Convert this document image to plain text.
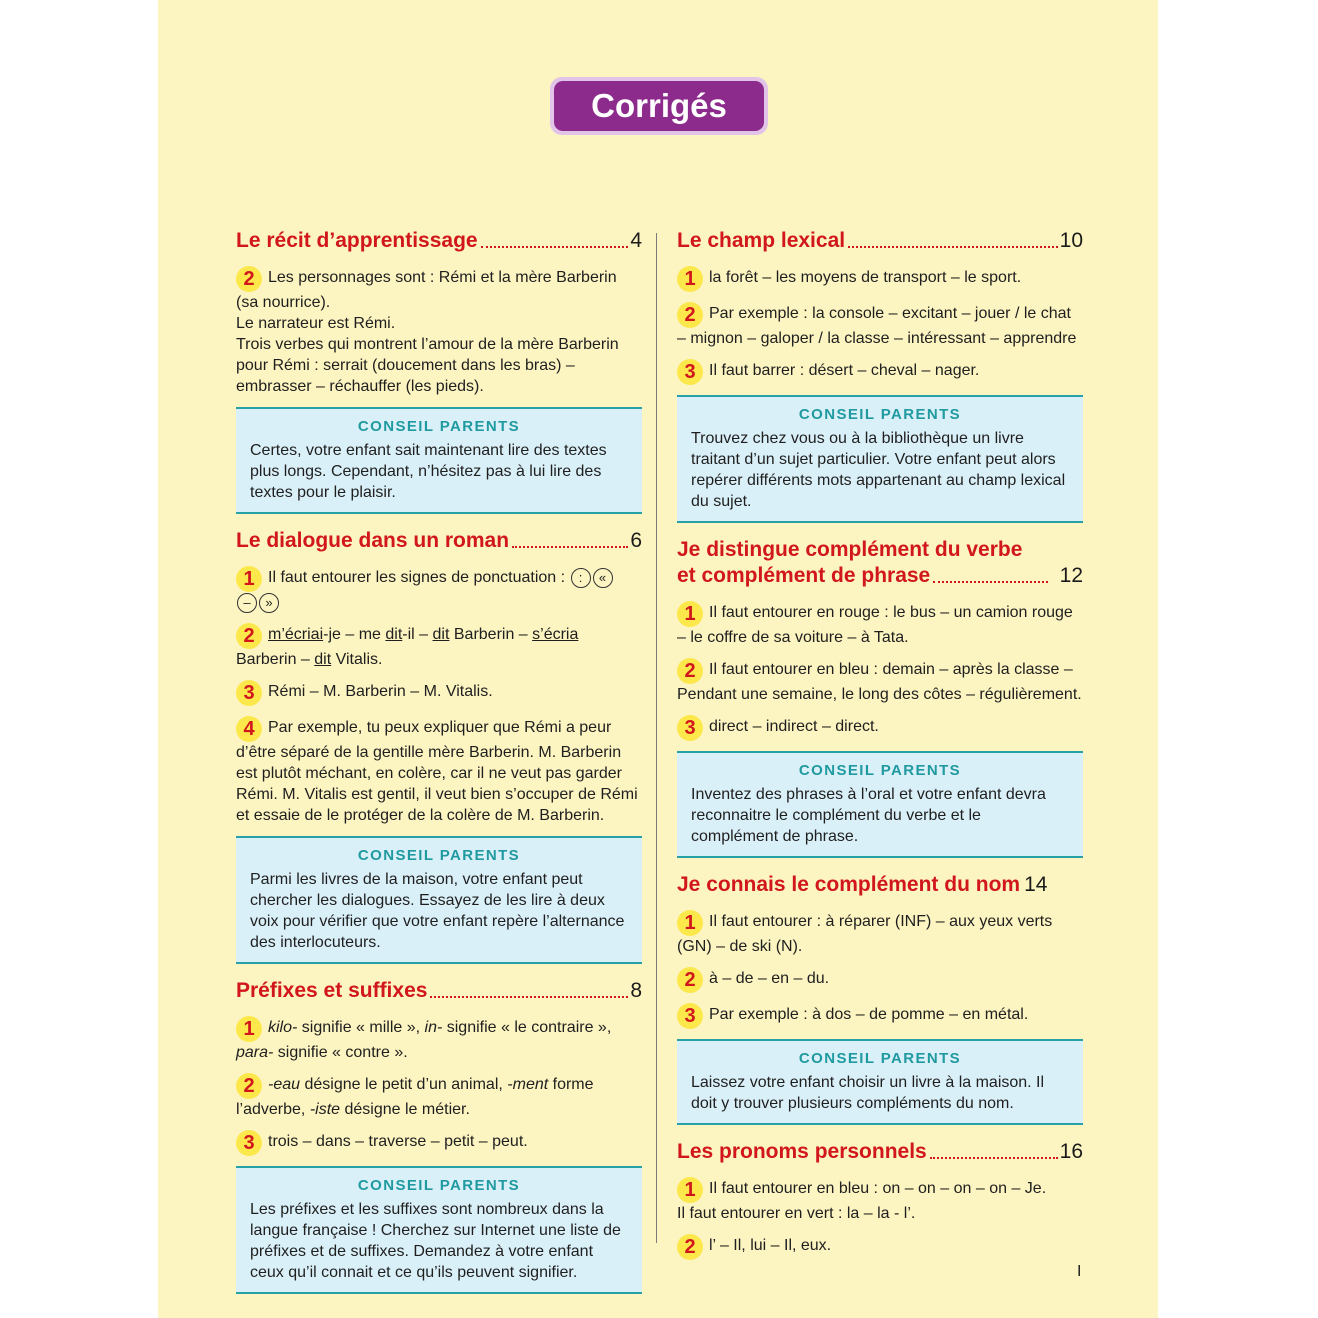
Corrigés
Le récit d’apprentissage	4
2 Les personnages sont : Rémi et la mère Barberin (sa nourrice).
Le narrateur est Rémi.
Trois verbes qui montrent l’amour de la mère Barberin pour Rémi : serrait (doucement dans les bras) – embrasser – réchauffer (les pieds).
CONSEIL PARENTS
Certes, votre enfant sait maintenant lire des textes plus longs. Cependant, n’hésitez pas à lui lire des textes pour le plaisir.
Le dialogue dans un roman	6
1 Il faut entourer les signes de ponctuation : : «
– »
2 m’écriai-je – me dit-il – dit Barberin – s’écria
Barberin – dit Vitalis.
3 Rémi – M. Barberin – M. Vitalis.
4 Par exemple, tu peux expliquer que Rémi a peur d’être séparé de la gentille mère Barberin. M. Barberin est plutôt méchant, en colère, car il ne veut pas garder Rémi. M. Vitalis est gentil, il veut bien s’occuper de Rémi et essaie de le protéger de la colère de M. Barberin.
CONSEIL PARENTS
Parmi les livres de la maison, votre enfant peut chercher les dialogues. Essayez de les lire à deux voix pour vérifier que votre enfant repère l’alternance des interlocuteurs.
Préfixes et suffixes	8
1 kilo- signifie « mille », in- signifie « le contraire », para- signifie « contre ».
2 -eau désigne le petit d’un animal, -ment forme l’adverbe, -iste désigne le métier.
3 trois – dans – traverse – petit – peut.
CONSEIL PARENTS
Les préfixes et les suffixes sont nombreux dans la langue française ! Cherchez sur Internet une liste de préfixes et de suffixes. Demandez à votre enfant ceux qu’il connait et ce qu’ils peuvent signifier.
Le champ lexical	10
1 la forêt – les moyens de transport – le sport.
2 Par exemple : la console – excitant – jouer / le chat – mignon – galoper / la classe – intéressant – apprendre
3 Il faut barrer : désert – cheval – nager.
CONSEIL PARENTS
Trouvez chez vous ou à la bibliothèque un livre traitant d’un sujet particulier. Votre enfant peut alors repérer différents mots appartenant au champ lexical du sujet.
Je distingue complément du verbe
et complément de phrase	12
1 Il faut entourer en rouge : le bus – un camion rouge – le coffre de sa voiture – à Tata.
2 Il faut entourer en bleu : demain – après la classe – Pendant une semaine, le long des côtes – régulièrement.
3 direct – indirect – direct.
CONSEIL PARENTS
Inventez des phrases à l’oral et votre enfant devra reconnaitre le complément du verbe et le complément de phrase.
Je connais le complément du nom 14
1 Il faut entourer : à réparer (INF) – aux yeux verts (GN) – de ski (N).
2 à – de – en – du.
3 Par exemple : à dos – de pomme – en métal.
CONSEIL PARENTS
Laissez votre enfant choisir un livre à la maison. Il doit y trouver plusieurs compléments du nom.
Les pronoms personnels	16
1 Il faut entourer en bleu : on – on – on – on – Je.
Il faut entourer en vert : la – la - l’.
2 l’ – Il, lui – Il, eux.
I
